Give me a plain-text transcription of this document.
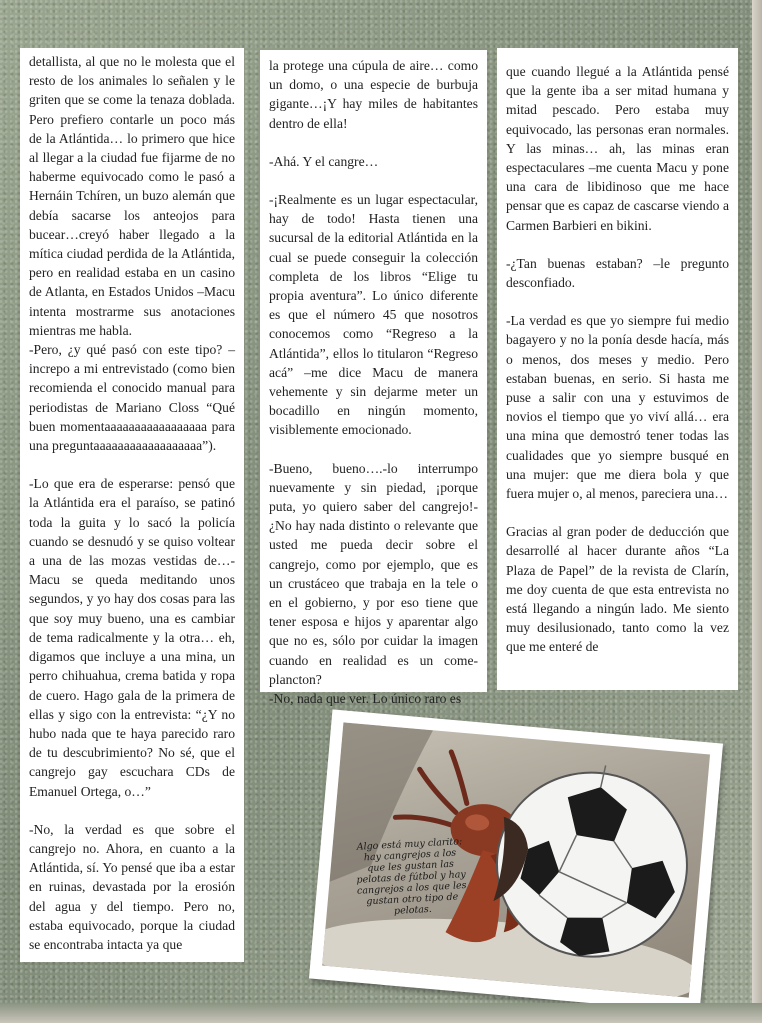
detallista, al que no le molesta que el resto de los animales lo señalen y le griten que se come la tenaza doblada. Pero prefiero contarle un poco más de la Atlántida… lo primero que hice al llegar a la ciudad fue fijarme de no haberme equivocado como le pasó a Hernáin Tchíren, un buzo alemán que debía sacarse los anteojos para bucear…creyó haber llegado a la mítica ciudad perdida de la Atlántida, pero en realidad estaba en un casino de Atlanta, en Estados Unidos –Macu intenta mostrarme sus anotaciones mientras me habla.

-Pero, ¿y qué pasó con este tipo? –increpo a mi entrevistado (como bien recomienda el conocido manual para periodistas de Mariano Closs “Qué buen momentaaaaaaaaaaaaaaaaa para una preguntaaaaaaaaaaaaaaaaaa”).

-Lo que era de esperarse: pensó que la Atlántida era el paraíso, se patinó toda la guita y lo sacó la policía cuando se desnudó y se quiso voltear a una de las mozas vestidas de…-Macu se queda meditando unos segundos, y yo hay dos cosas para las que soy muy bueno, una es cambiar de tema radicalmente y la otra… eh, digamos que incluye a una mina, un perro chihuahua, crema batida y ropa de cuero. Hago gala de la primera de ellas y sigo con la entrevista: “¿Y no hubo nada que te haya parecido raro de tu descubrimiento? No sé, que el cangrejo gay escuchara CDs de Emanuel Ortega, o…”

-No, la verdad es que sobre el cangrejo no. Ahora, en cuanto a la Atlántida, sí. Yo pensé que iba a estar en ruinas, devastada por la erosión del agua y del tiempo. Pero no, estaba equivocado, porque la ciudad se encontraba intacta ya que

la protege una cúpula de aire… como un domo, o una especie de burbuja gigante…¡Y hay miles de habitantes dentro de ella!

-Ahá. Y el cangre…

-¡Realmente es un lugar espectacular, hay de todo! Hasta tienen una sucursal de la editorial Atlántida en la cual se puede conseguir la colección completa de los libros “Elige tu propia aventura”. Lo único diferente es que el número 45 que nosotros conocemos como “Regreso a la Atlántida”, ellos lo titularon “Regreso acá” –me dice Macu de manera vehemente y sin dejarme meter un bocadillo en ningún momento, visiblemente emocionado.

-Bueno, bueno….-lo interrumpo nuevamente y sin piedad, ¡porque puta, yo quiero saber del cangrejo!- ¿No hay nada distinto o relevante que usted me pueda decir sobre el cangrejo, como por ejemplo, que es un crustáceo que trabaja en la tele o en el gobierno, y por eso tiene que tener esposa e hijos y aparentar algo que no es, sólo por cuidar la imagen cuando en realidad es un come-plancton?

-No, nada que ver. Lo único raro es

que cuando llegué a la Atlántida pensé que la gente iba a ser mitad humana y mitad pescado. Pero estaba muy equivocado, las personas eran normales. Y las minas… ah, las minas eran espectaculares –me cuenta Macu y pone una cara de libidinoso que me hace pensar que es capaz de cascarse viendo a Carmen Barbieri en bikini.

-¿Tan buenas estaban? –le pregunto desconfiado.

-La verdad es que yo siempre fui medio bagayero y no la ponía desde hacía, más o menos, dos meses y medio. Pero estaban buenas, en serio. Si hasta me puse a salir con una y estuvimos de novios el tiempo que yo viví allá… era una mina que demostró tener todas las cualidades que yo siempre busqué en una mujer: que me diera bola y que fuera mujer o, al menos, pareciera una…

Gracias al gran poder de deducción que desarrollé al hacer durante años “La Plaza de Papel” de la revista de Clarín, me doy cuenta de que esta entrevista no está llegando a ningún lado. Me siento muy desilusionado, tanto como la vez que me enteré de

Algo está muy clarito: hay cangrejos a los que les gustan las pelotas de fútbol y hay cangrejos a los que les gustan otro tipo de pelotas.
